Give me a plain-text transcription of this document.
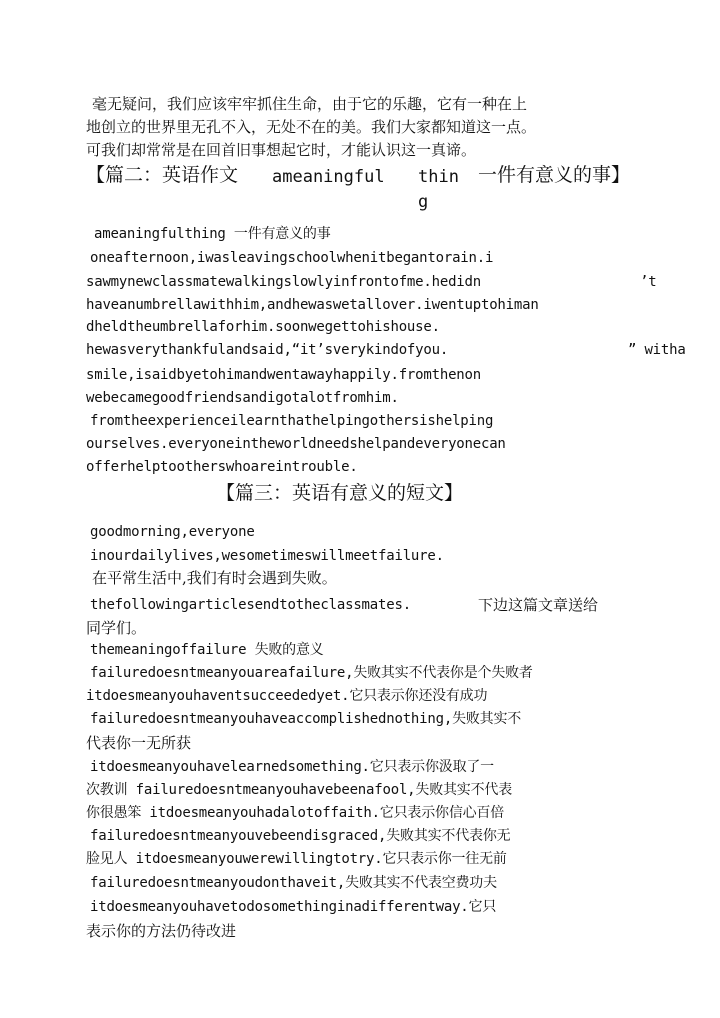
毫无疑问，我们应该牢牢抓住生命，由于它的乐趣，它有一种在上
地创立的世界里无孔不入，无处不在的美。我们大家都知道这一点。
可我们却常常是在回首旧事想起它时，才能认识这一真谛。
【篇二：英语作文 ameaningful thin 一件有意义的事】
g
ameaningfulthing 一件有意义的事
oneafternoon,iwasleavingschoolwhenitbegantorain.i
sawmynewclassmatewalkingslowlyinfrontofme.hedidn	’t
haveanumbrellawithhim,andhewaswetallover.iwentuptohiman
dheldtheumbrellaforhim.soonwegettohishouse.
hewasverythankfulandsaid,“it’sverykindofyou.	” witha
smile,isaidbyetohimandwentawayhappily.fromthenon
webecamegoodfriendsandigotalotfromhim.
fromtheexperienceilearnthathelpingothersishelping
ourselves.everyoneintheworldneedshelpandeveryonecan
offerhelptootherswhoareintrouble.
【篇三：英语有意义的短文】
goodmorning,everyone
inourdailylives,wesometimeswillmeetfailure.
在平常生活中,我们有时会遇到失败。
thefollowingarticlesendtotheclassmates.	下边这篇文章送给
同学们。
themeaningoffailure 失败的意义
failuredoesntmeanyouareafailure,失败其实不代表你是个失败者
itdoesmeanyouhaventsucceededyet.它只表示你还没有成功
failuredoesntmeanyouhaveaccomplishednothing,失败其实不
代表你一无所获
itdoesmeanyouhavelearnedsomething.它只表示你汲取了一
次教训 failuredoesntmeanyouhavebeenafool,失败其实不代表
你很愚笨 itdoesmeanyouhadalotoffaith.它只表示你信心百倍
failuredoesntmeanyouvebeendisgraced,失败其实不代表你无
脸见人 itdoesmeanyouwerewillingtotry.它只表示你一往无前
failuredoesntmeanyoudonthaveit,失败其实不代表空费功夫
itdoesmeanyouhavetodosomethinginadifferentway.它只
表示你的方法仍待改进
